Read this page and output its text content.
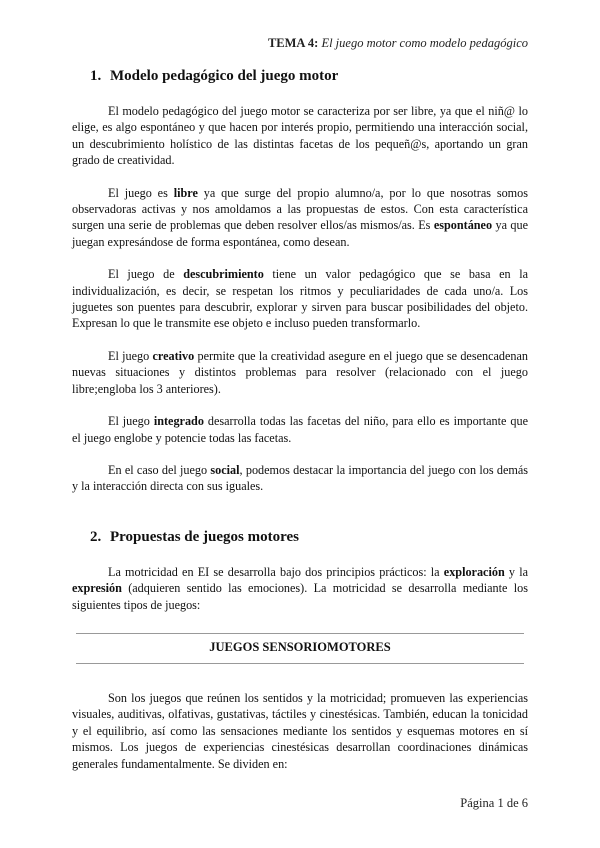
TEMA 4: El juego motor como modelo pedagógico
1. Modelo pedagógico del juego motor

El modelo pedagógico del juego motor se caracteriza por ser libre, ya que el niñ@ lo elige, es algo espontáneo y que hacen por interés propio, permitiendo una interacción social, un descubrimiento holístico de las distintas facetas de los pequeñ@s, aportando un gran grado de creatividad.

El juego es libre ya que surge del propio alumno/a, por lo que nosotras somos observadoras activas y nos amoldamos a las propuestas de estos. Con esta característica surgen una serie de problemas que deben resolver ellos/as mismos/as. Es espontáneo ya que juegan expresándose de forma espontánea, como desean.

El juego de descubrimiento tiene un valor pedagógico que se basa en la individualización, es decir, se respetan los ritmos y peculiaridades de cada uno/a. Los juguetes son puentes para descubrir, explorar y sirven para buscar posibilidades del objeto. Expresan lo que le transmite ese objeto e incluso pueden transformarlo.

El juego creativo permite que la creatividad asegure en el juego que se desencadenan nuevas situaciones y distintos problemas para resolver (relacionado con el juego libre;engloba los 3 anteriores).

El juego integrado desarrolla todas las facetas del niño, para ello es importante que el juego englobe y potencie todas las facetas.

En el caso del juego social, podemos destacar la importancia del juego con los demás y la interacción directa con sus iguales.

2. Propuestas de juegos motores

La motricidad en EI se desarrolla bajo dos principios prácticos: la exploración y la expresión (adquieren sentido las emociones). La motricidad se desarrolla mediante los siguientes tipos de juegos:

JUEGOS SENSORIOMOTORES

Son los juegos que reúnen los sentidos y la motricidad; promueven las experiencias visuales, auditivas, olfativas, gustativas, táctiles y cinestésicas. También, educan la tonicidad y el equilibrio, así como las sensaciones mediante los sentidos y esquemas motores en sí mismos. Los juegos de experiencias cinestésicas desarrollan coordinaciones dinámicas generales fundamentalmente. Se dividen en:

Página 1 de 6
